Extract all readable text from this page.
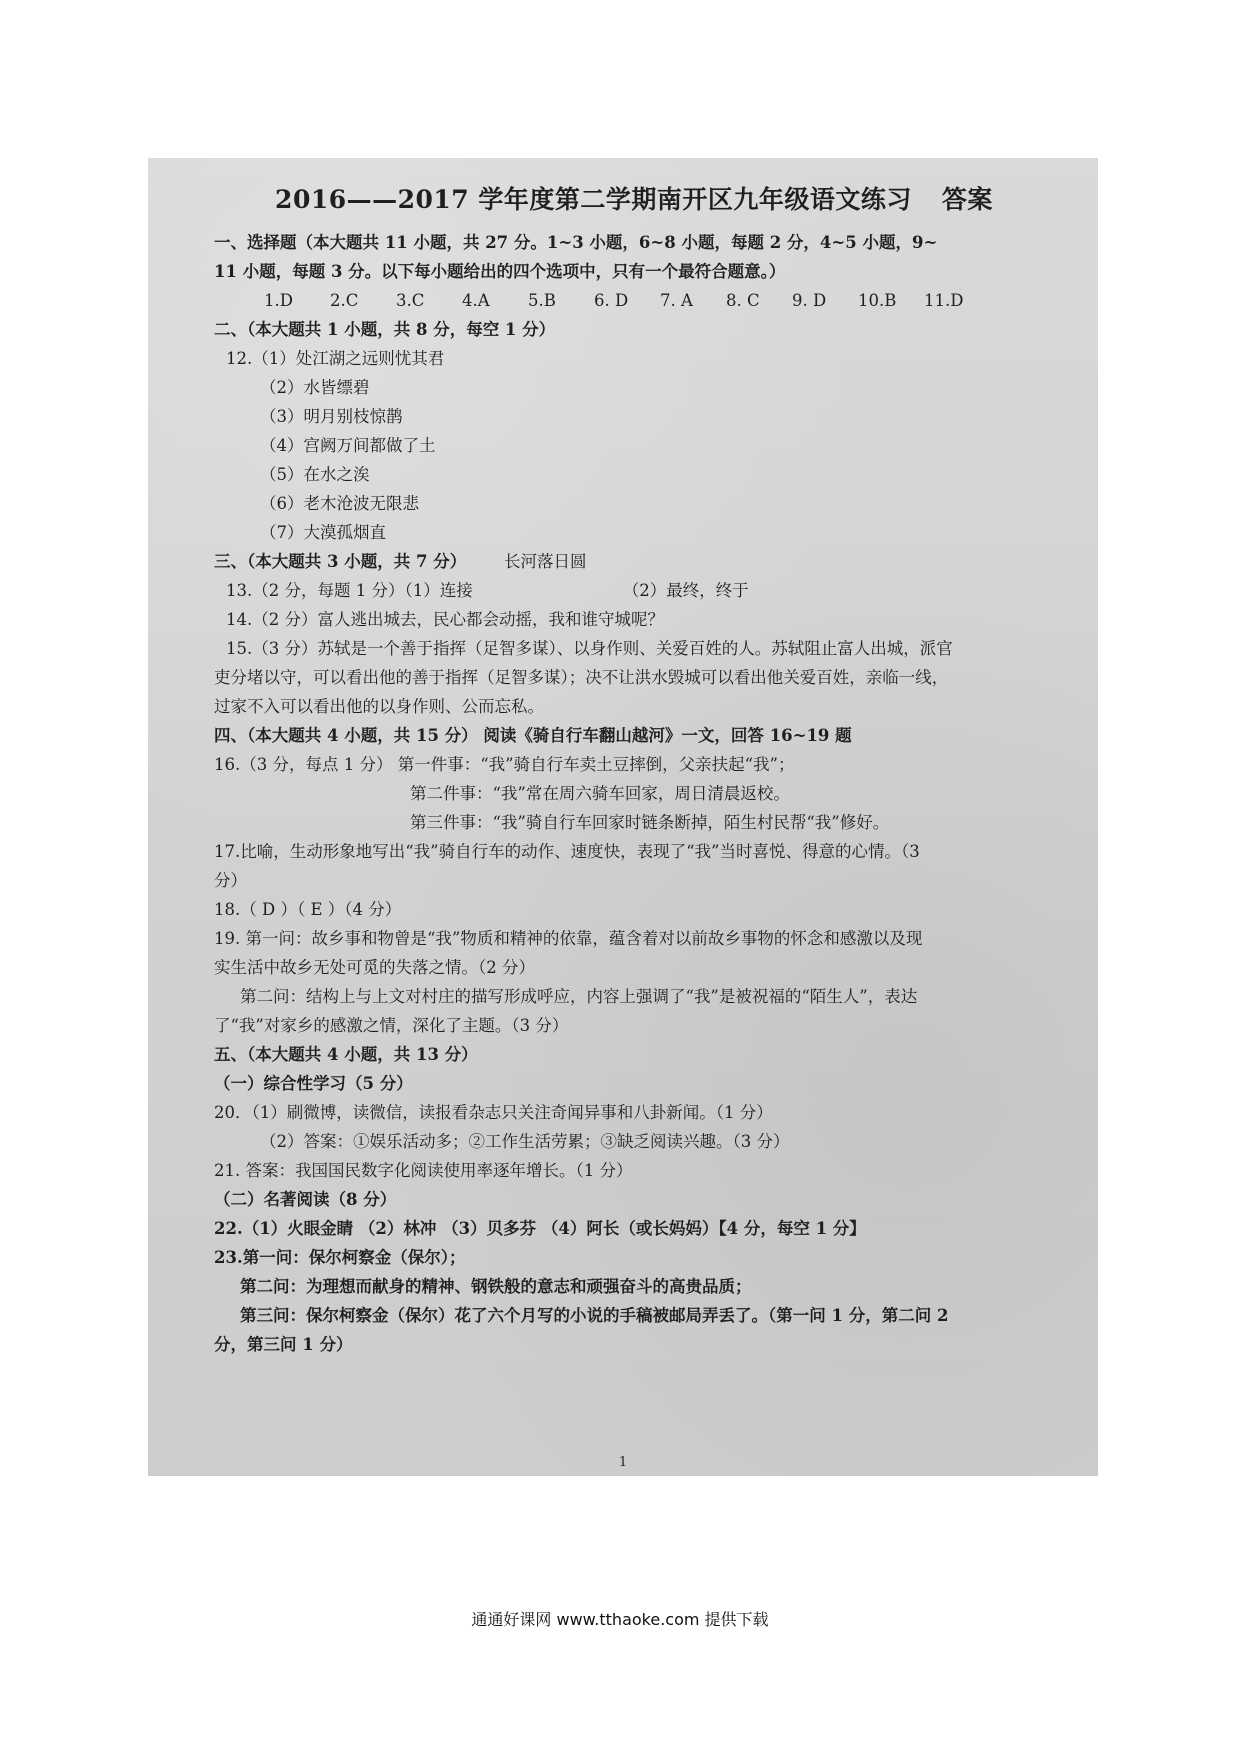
2016——2017 学年度第二学期南开区九年级语文练习 答案
一、选择题（本大题共 11 小题，共 27 分。1~3 小题，6~8 小题，每题 2 分，4~5 小题，9~
11 小题，每题 3 分。以下每小题给出的四个选项中，只有一个最符合题意。）
1.D	2.C	3.C	4.A	5.B	6. D	7. A	8. C	9. D	10.B	11.D
二、（本大题共 1 小题，共 8 分，每空 1 分）
12.（1）处江湖之远则忧其君
（2）水皆缥碧
（3）明月别枝惊鹊
（4）宫阙万间都做了土
（5）在水之涘
（6）老木沧波无限悲
（7）大漠孤烟直
长河落日圆
三、（本大题共 3 小题，共 7 分）
13.（2 分，每题 1 分）（1）连接	（2）最终，终于
14.（2 分）富人逃出城去，民心都会动摇，我和谁守城呢？
15.（3 分）苏轼是一个善于指挥（足智多谋）、以身作则、关爱百姓的人。苏轼阻止富人出城，派官
吏分堵以守，可以看出他的善于指挥（足智多谋）；决不让洪水毁城可以看出他关爱百姓，亲临一线，
过家不入可以看出他的以身作则、公而忘私。
四、（本大题共 4 小题，共 15 分） 阅读《骑自行车翻山越河》一文，回答 16~19 题
16.（3 分，每点 1 分） 第一件事：“我”骑自行车卖土豆摔倒，父亲扶起“我”；
第二件事：“我”常在周六骑车回家，周日清晨返校。
第三件事：“我”骑自行车回家时链条断掉，陌生村民帮“我”修好。
17.比喻，生动形象地写出“我”骑自行车的动作、速度快，表现了“我”当时喜悦、得意的心情。（3
分）
18.（ D ）（ E ）（4 分）
19. 第一问：故乡事和物曾是“我”物质和精神的依靠，蕴含着对以前故乡事物的怀念和感激以及现
实生活中故乡无处可觅的失落之情。（2 分）
第二问：结构上与上文对村庄的描写形成呼应，内容上强调了“我”是被祝福的“陌生人”，表达
了“我”对家乡的感激之情，深化了主题。（3 分）
五、（本大题共 4 小题，共 13 分）
（一）综合性学习（5 分）
20．（1）刷微博，读微信，读报看杂志只关注奇闻异事和八卦新闻。（1 分）
（2）答案：①娱乐活动多；②工作生活劳累；③缺乏阅读兴趣。（3 分）
21. 答案：我国国民数字化阅读使用率逐年增长。（1 分）
（二）名著阅读（8 分）
22.（1）火眼金睛 （2）林冲 （3）贝多芬 （4）阿长（或长妈妈）【4 分，每空 1 分】
23.第一问：保尔柯察金（保尔）；
第二问：为理想而献身的精神、钢铁般的意志和顽强奋斗的高贵品质；
第三问：保尔柯察金（保尔）花了六个月写的小说的手稿被邮局弄丢了。（第一问 1 分，第二问 2
分，第三问 1 分）
1
通通好课网 www.tthaoke.com 提供下载
